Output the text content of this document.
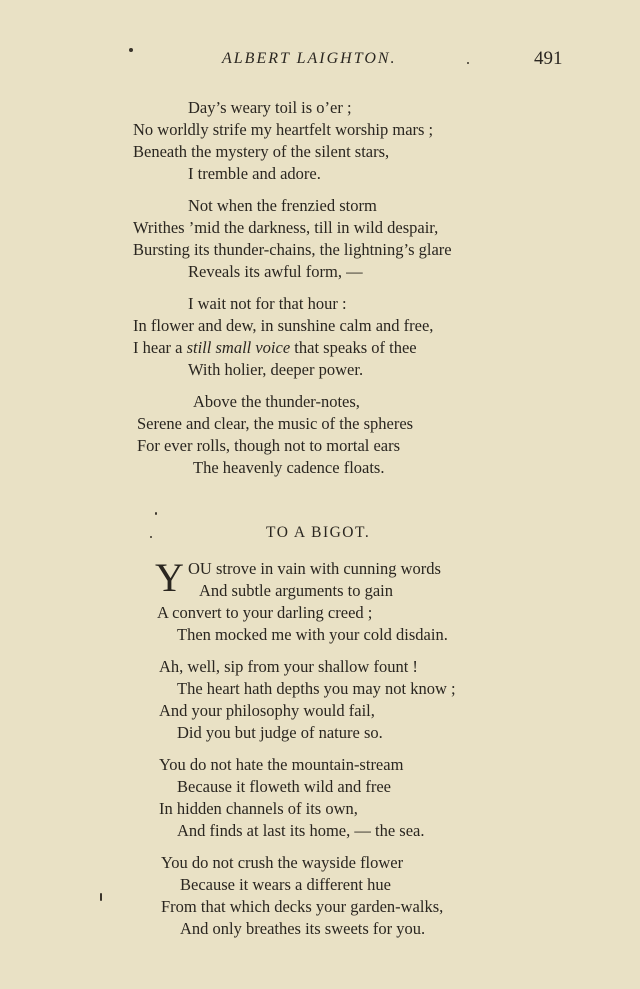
ALBERT LAIGHTON.	491
Day’s weary toil is o’er ;
No worldly strife my heartfelt worship mars ;
Beneath the mystery of the silent stars,
I tremble and adore.
Not when the frenzied storm
Writhes ’mid the darkness, till in wild despair,
Bursting its thunder-chains, the lightning’s glare
Reveals its awful form, —
I wait not for that hour :
In flower and dew, in sunshine calm and free,
I hear a still small voice that speaks of thee
With holier, deeper power.
Above the thunder-notes,
Serene and clear, the music of the spheres
For ever rolls, though not to mortal ears
The heavenly cadence floats.
TO A BIGOT.
Y OU strove in vain with cunning words
And subtle arguments to gain
A convert to your darling creed ;
Then mocked me with your cold disdain.
Ah, well, sip from your shallow fount !
The heart hath depths you may not know ;
And your philosophy would fail,
Did you but judge of nature so.
You do not hate the mountain-stream
Because it floweth wild and free
In hidden channels of its own,
And finds at last its home, — the sea.
You do not crush the wayside flower
Because it wears a different hue
From that which decks your garden-walks,
And only breathes its sweets for you.
